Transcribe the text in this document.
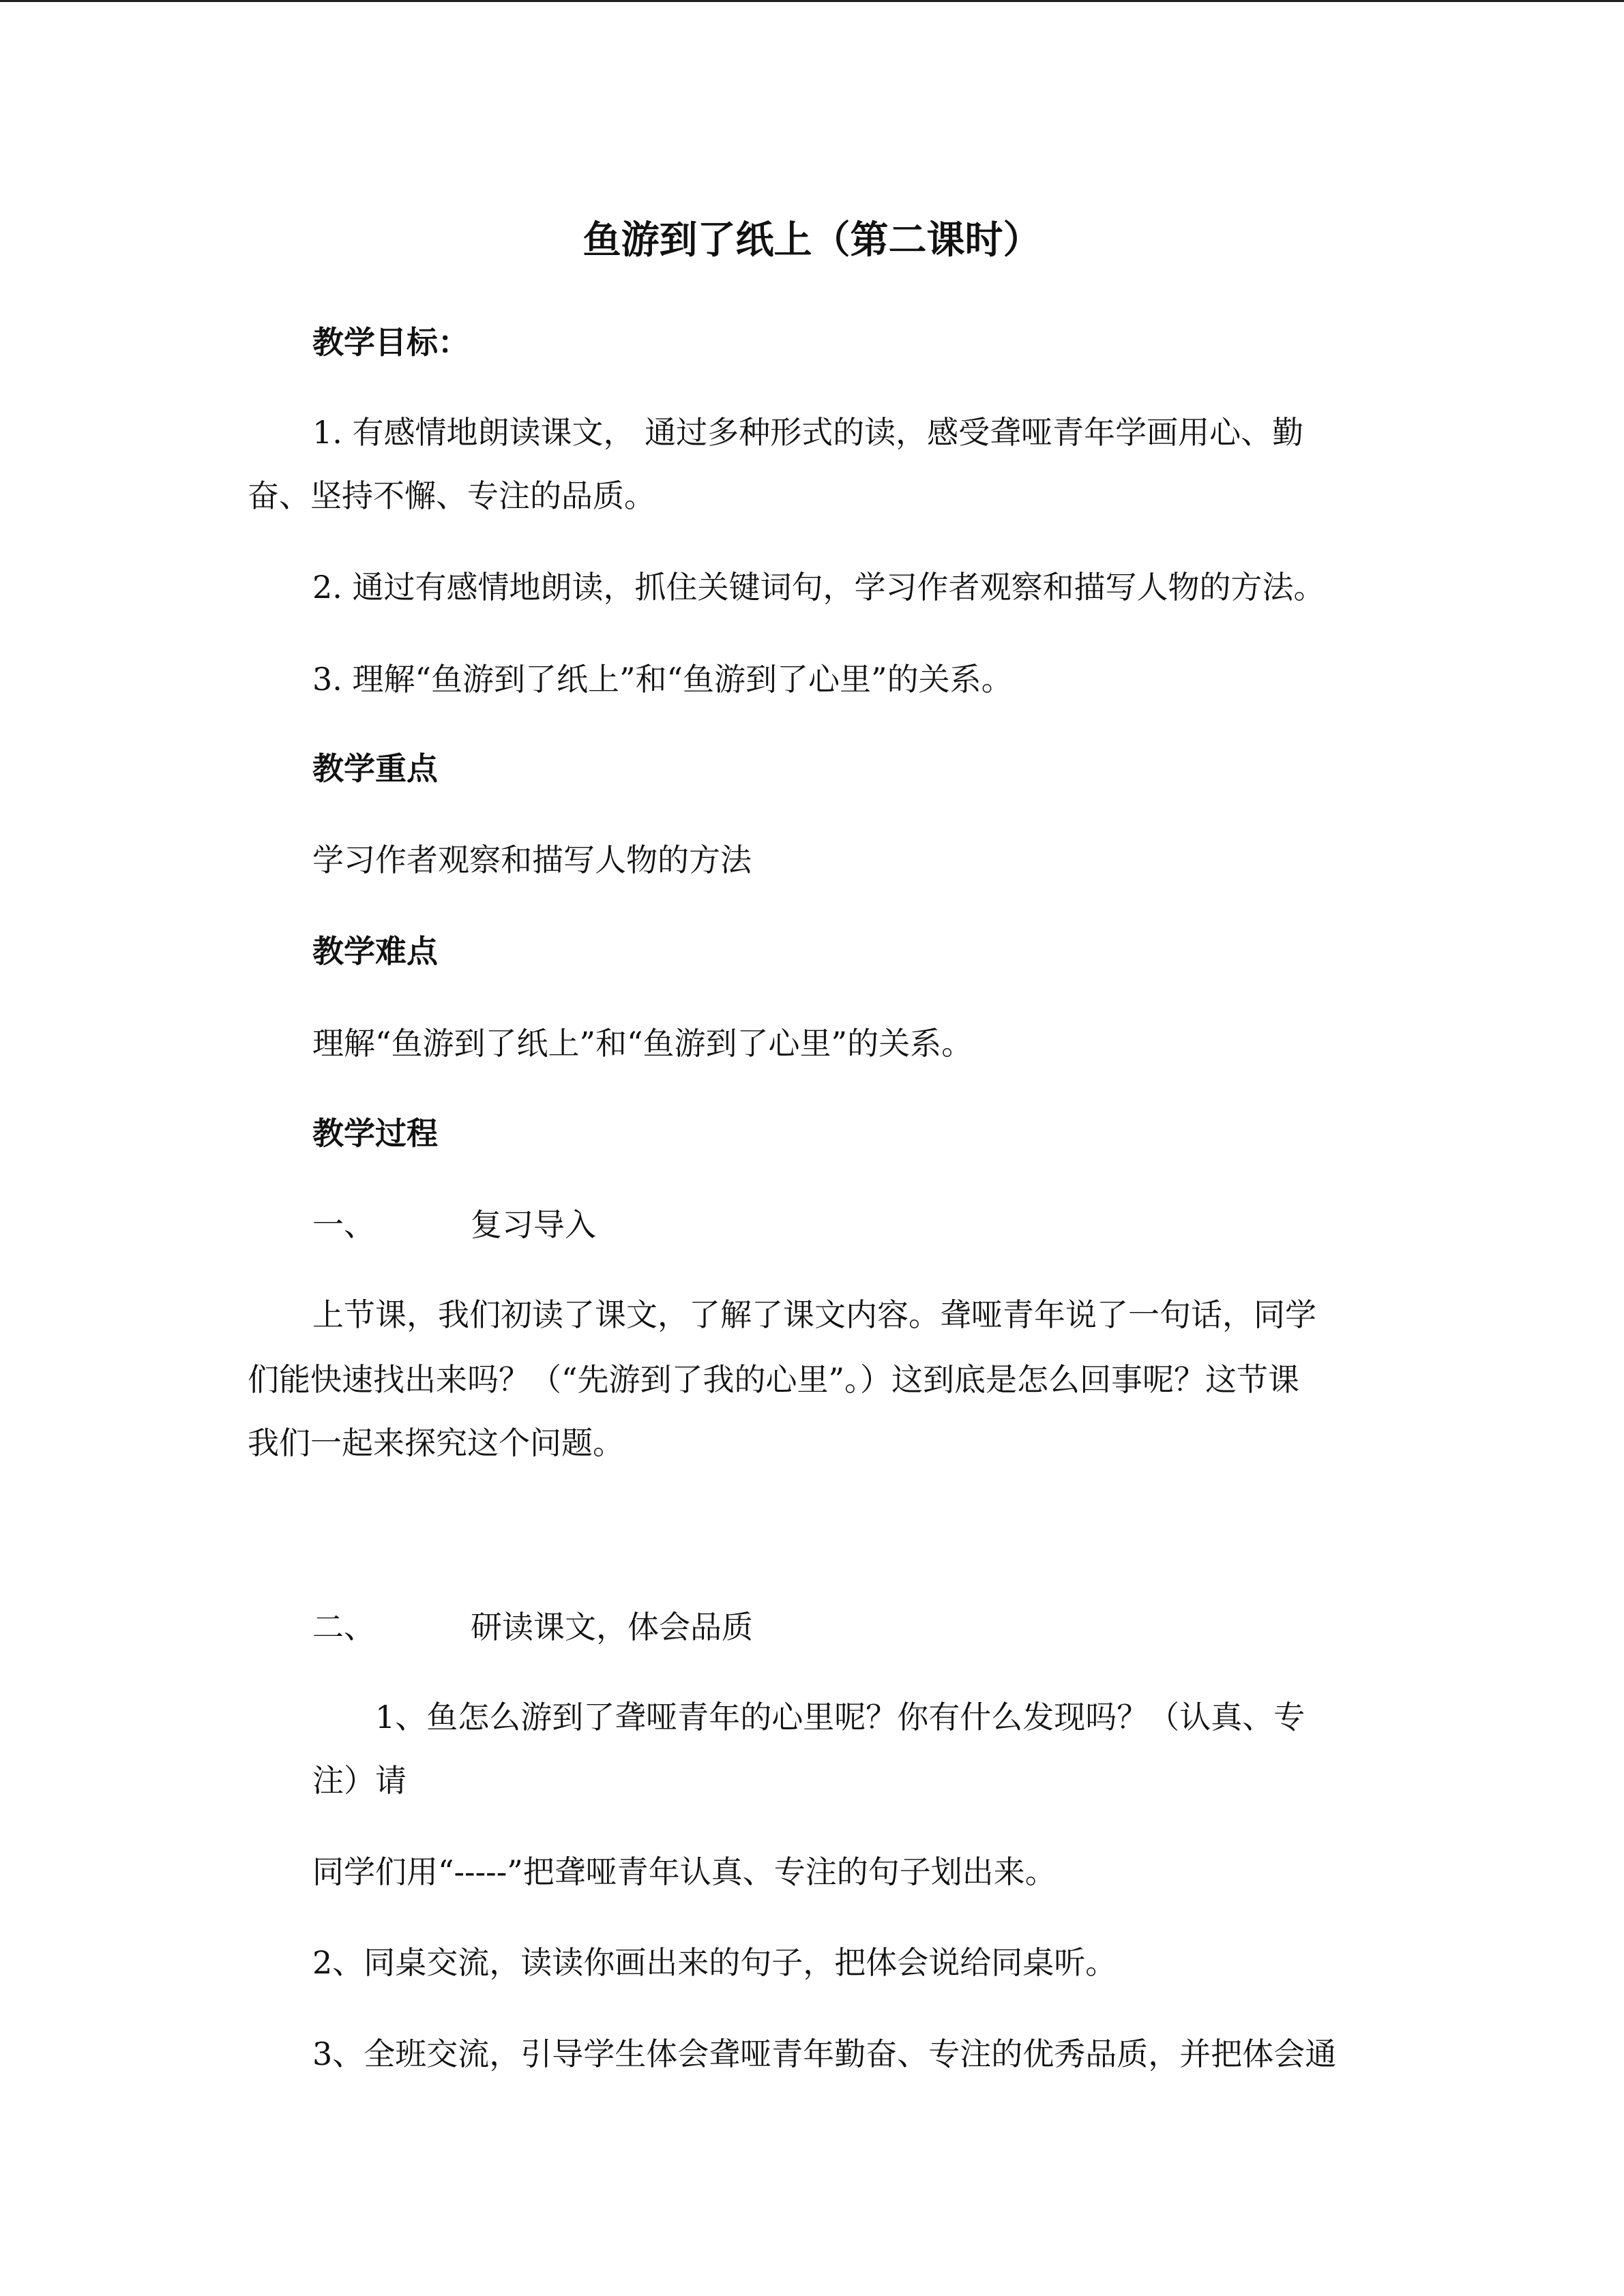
鱼游到了纸上（第二课时）

教学目标：

1. 有感情地朗读课文， 通过多种形式的读，感受聋哑青年学画用心、勤

奋、坚持不懈、专注的品质。

2. 通过有感情地朗读，抓住关键词句，学习作者观察和描写人物的方法。

3. 理解“鱼游到了纸上”和“鱼游到了心里”的关系。

教学重点

学习作者观察和描写人物的方法

教学难点

理解“鱼游到了纸上”和“鱼游到了心里”的关系。

教学过程

一、	复习导入

上节课，我们初读了课文，了解了课文内容。聋哑青年说了一句话，同学

们能快速找出来吗？（“先游到了我的心里”。）这到底是怎么回事呢？这节课

我们一起来探究这个问题。

二、	研读课文，体会品质

1、鱼怎么游到了聋哑青年的心里呢？你有什么发现吗？（认真、专

注）请

同学们用“-----”把聋哑青年认真、专注的句子划出来。

2、同桌交流，读读你画出来的句子，把体会说给同桌听。

3、全班交流，引导学生体会聋哑青年勤奋、专注的优秀品质，并把体会通
